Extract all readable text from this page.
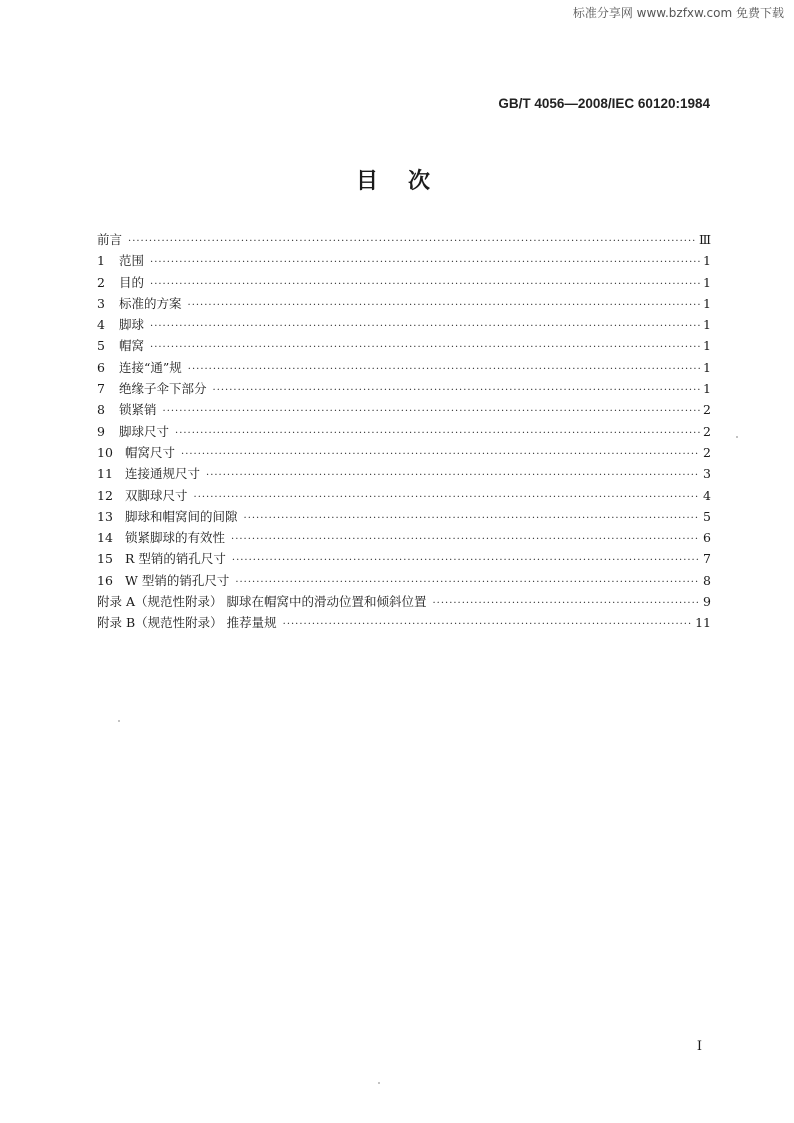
标准分享网 www.bzfxw.com 免费下载
GB/T 4056—2008/IEC 60120:1984
目次
前言 ·····	Ⅲ
1	范围 ·····	1
2	目的 ·····	1
3	标准的方案 ·····	1
4	脚球 ·····	1
5	帽窝 ·····	1
6	连接“通”规 ·····	1
7	绝缘子伞下部分 ·····	1
8	锁紧销 ·····	2
9	脚球尺寸 ·····	2
10 帽窝尺寸 ·····	2
11 连接通规尺寸 ·····	3
12 双脚球尺寸 ·····	4
13 脚球和帽窝间的间隙 ·····	5
14 锁紧脚球的有效性 ·····	6
15 R 型销的销孔尺寸 ·····	7
16 W 型销的销孔尺寸 ·····	8
附录 A（规范性附录） 脚球在帽窝中的滑动位置和倾斜位置 ·····	9
附录 B（规范性附录） 推荐量规 ·····	11
I
